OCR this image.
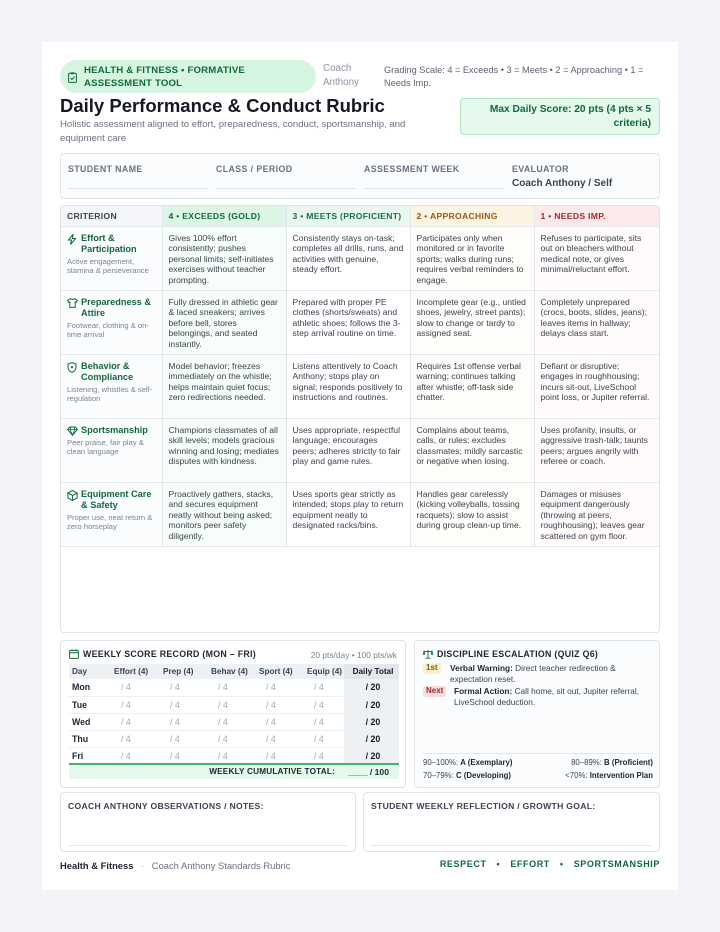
HEALTH & FITNESS • FORMATIVE
ASSESSMENT TOOL
Coach
Anthony
Grading Scale: 4 = Exceeds • 3 = Meets • 2 = Approaching • 1 = Needs Imp.
Daily Performance & Conduct Rubric
Holistic assessment aligned to effort, preparedness, conduct, sportsmanship, and equipment care
Max Daily Score: 20 pts (4 pts × 5 criteria)
STUDENT NAME	CLASS / PERIOD	ASSESSMENT WEEK	EVALUATOR
Coach Anthony / Self
CRITERION	4 • EXCEEDS (GOLD)	3 • MEETS (PROFICIENT)	2 • APPROACHING	1 • NEEDS IMP.

Effort & Participation
Active engagement, stamina & perseverance	Gives 100% effort consistently; pushes personal limits; self-initiates exercises without teacher prompting.	Consistently stays on-task; completes all drills, runs, and activities with genuine, steady effort.	Participates only when monitored or in favorite sports; walks during runs; requires verbal reminders to engage.	Refuses to participate, sits out on bleachers without medical note, or gives minimal/reluctant effort.

Preparedness & Attire
Footwear, clothing & on-time arrival	Fully dressed in athletic gear & laced sneakers; arrives before bell, stores belongings, and seated instantly.	Prepared with proper PE clothes (shorts/sweats) and athletic shoes; follows the 3-step arrival routine on time.	Incomplete gear (e.g., untied shoes, jewelry, street pants); slow to change or tardy to assigned seat.	Completely unprepared (crocs, boots, slides, jeans); leaves items in hallway; delays class start.

Behavior & Compliance
Listening, whistles & self-regulation	Model behavior; freezes immediately on the whistle; helps maintain quiet focus; zero redirections needed.	Listens attentively to Coach Anthony; stops play on signal; responds positively to instructions and routines.	Requires 1st offense verbal warning; continues talking after whistle; off-task side chatter.	Defiant or disruptive; engages in roughhousing; incurs sit-out, LiveSchool point loss, or Jupiter referral.

Sportsmanship
Peer praise, fair play & clean language	Champions classmates of all skill levels; models gracious winning and losing; mediates disputes with kindness.	Uses appropriate, respectful language; encourages peers; adheres strictly to fair play and game rules.	Complains about teams, calls, or rules; excludes classmates; mildly sarcastic or negative when losing.	Uses profanity, insults, or aggressive trash-talk; taunts peers; argues angrily with referee or coach.

Equipment Care & Safety
Proper use, neat return & zero horseplay	Proactively gathers, stacks, and secures equipment neatly without being asked; monitors peer safety diligently.	Uses sports gear strictly as intended; stops play to return equipment neatly to designated racks/bins.	Handles gear carelessly (kicking volleyballs, tossing racquets); slow to assist during group clean-up time.	Damages or misuses equipment dangerously (throwing at peers, roughhousing); leaves gear scattered on gym floor.
WEEKLY SCORE RECORD (MON – FRI)	20 pts/day • 100 pts/wk
Day	Effort (4)	Prep (4)	Behav (4)	Sport (4)	Equip (4)	Daily Total
Mon	/ 4	/ 4	/ 4	/ 4	/ 4	/ 20
Tue	/ 4	/ 4	/ 4	/ 4	/ 4	/ 20
Wed	/ 4	/ 4	/ 4	/ 4	/ 4	/ 20
Thu	/ 4	/ 4	/ 4	/ 4	/ 4	/ 20
Fri	/ 4	/ 4	/ 4	/ 4	/ 4	/ 20
WEEKLY CUMULATIVE TOTAL: ____ / 100
DISCIPLINE ESCALATION (QUIZ Q6)
1st	Verbal Warning: Direct teacher redirection & expectation reset.
Next	Formal Action: Call home, sit out, Jupiter referral, LiveSchool deduction.
90–100%: A (Exemplary)	80–89%: B (Proficient)
70–79%: C (Developing)	<70%: Intervention Plan
COACH ANTHONY OBSERVATIONS / NOTES:	STUDENT WEEKLY REFLECTION / GROWTH GOAL:
Health & Fitness · Coach Anthony Standards Rubric	RESPECT • EFFORT • SPORTSMANSHIP
